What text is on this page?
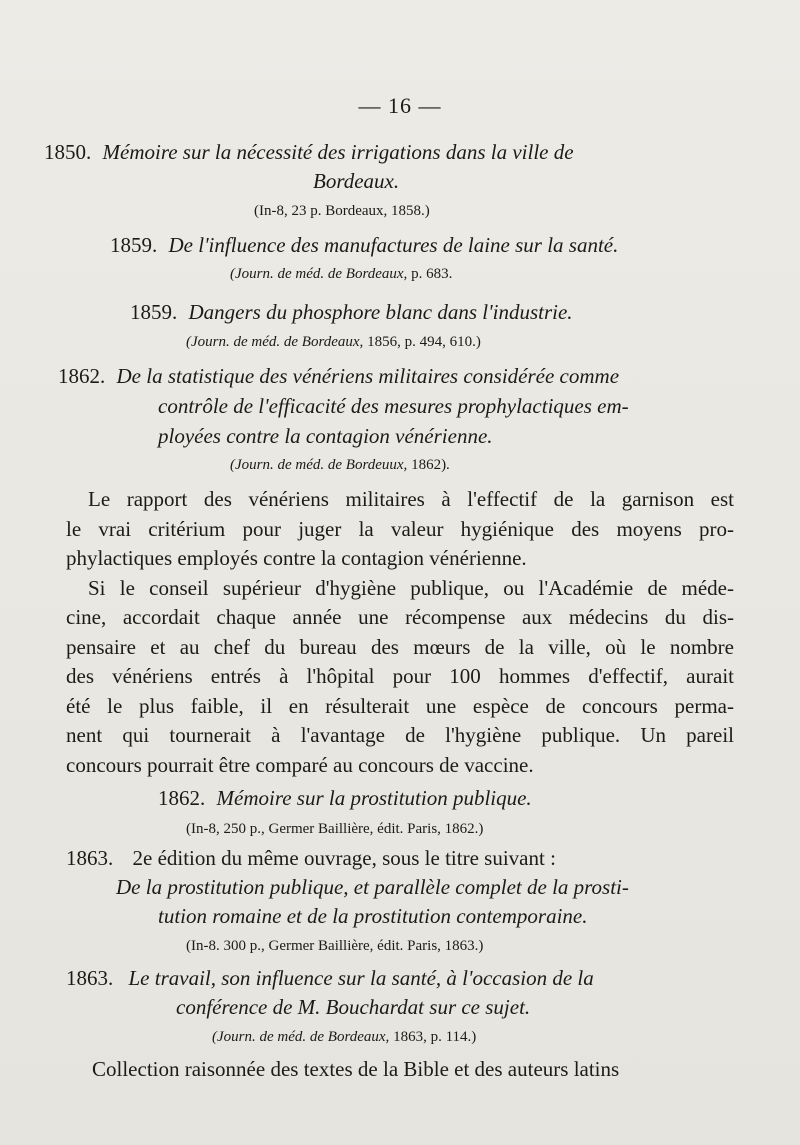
— 16 —
1850. Mémoire sur la nécessité des irrigations dans la ville de
Bordeaux.
(In-8, 23 p. Bordeaux, 1858.)
1859. De l'influence des manufactures de laine sur la santé.
(Journ. de méd. de Bordeaux, p. 683.
1859. Dangers du phosphore blanc dans l'industrie.
(Journ. de méd. de Bordeaux, 1856, p. 494, 610.)
1862. De la statistique des vénériens militaires considérée comme
contrôle de l'efficacité des mesures prophylactiques em-
ployées contre la contagion vénérienne.
(Journ. de méd. de Bordeuux, 1862).
Le rapport des vénériens militaires à l'effectif de la garnison est
le vrai critérium pour juger la valeur hygiénique des moyens pro-
phylactiques employés contre la contagion vénérienne.
Si le conseil supérieur d'hygiène publique, ou l'Académie de méde-
cine, accordait chaque année une récompense aux médecins du dis-
pensaire et au chef du bureau des mœurs de la ville, où le nombre
des vénériens entrés à l'hôpital pour 100 hommes d'effectif, aurait
été le plus faible, il en résulterait une espèce de concours perma-
nent qui tournerait à l'avantage de l'hygiène publique. Un pareil
concours pourrait être comparé au concours de vaccine.
1862. Mémoire sur la prostitution publique.
(In-8, 250 p., Germer Baillière, édit. Paris, 1862.)
1863. 2e édition du même ouvrage, sous le titre suivant :
De la prostitution publique, et parallèle complet de la prosti-
tution romaine et de la prostitution contemporaine.
(In-8. 300 p., Germer Baillière, édit. Paris, 1863.)
1863. Le travail, son influence sur la santé, à l'occasion de la
conférence de M. Bouchardat sur ce sujet.
(Journ. de méd. de Bordeaux, 1863, p. 114.)
Collection raisonnée des textes de la Bible et des auteurs latins
